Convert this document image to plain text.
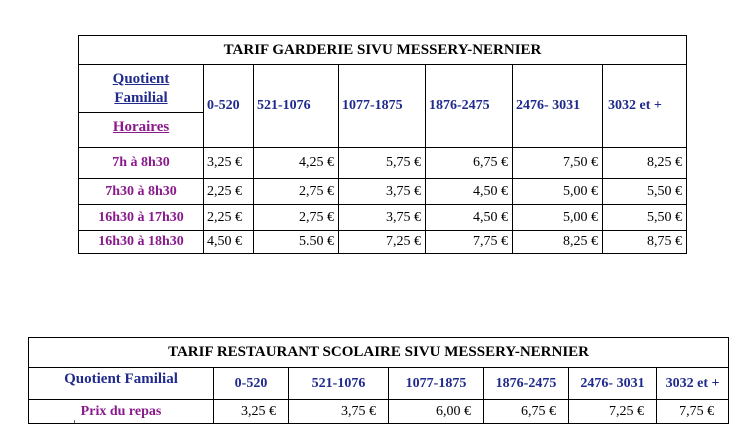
TARIF GARDERIE SIVU MESSERY-NERNIER						
Quotient
Familial	0-520	521-1076	1077-1875	1876-2475	2476- 3031	3032 et +
Horaires						
7h à 8h30	3,25 €	4,25 €	5,75 €	6,75 €	7,50 €	8,25 €
7h30 à 8h30	2,25 €	2,75 €	3,75 €	4,50 €	5,00 €	5,50 €
16h30 à 17h30	2,25 €	2,75 €	3,75 €	4,50 €	5,00 €	5,50 €
16h30 à 18h30	4,50 €	5.50 €	7,25 €	7,75 €	8,25 €	8,75 €
TARIF RESTAURANT SCOLAIRE SIVU MESSERY-NERNIER						
Quotient Familial	0-520	521-1076	1077-1875	1876-2475	2476- 3031	3032 et +
Prix du repas	3,25 €	3,75 €	6,00 €	6,75 €	7,25 €	7,75 €
